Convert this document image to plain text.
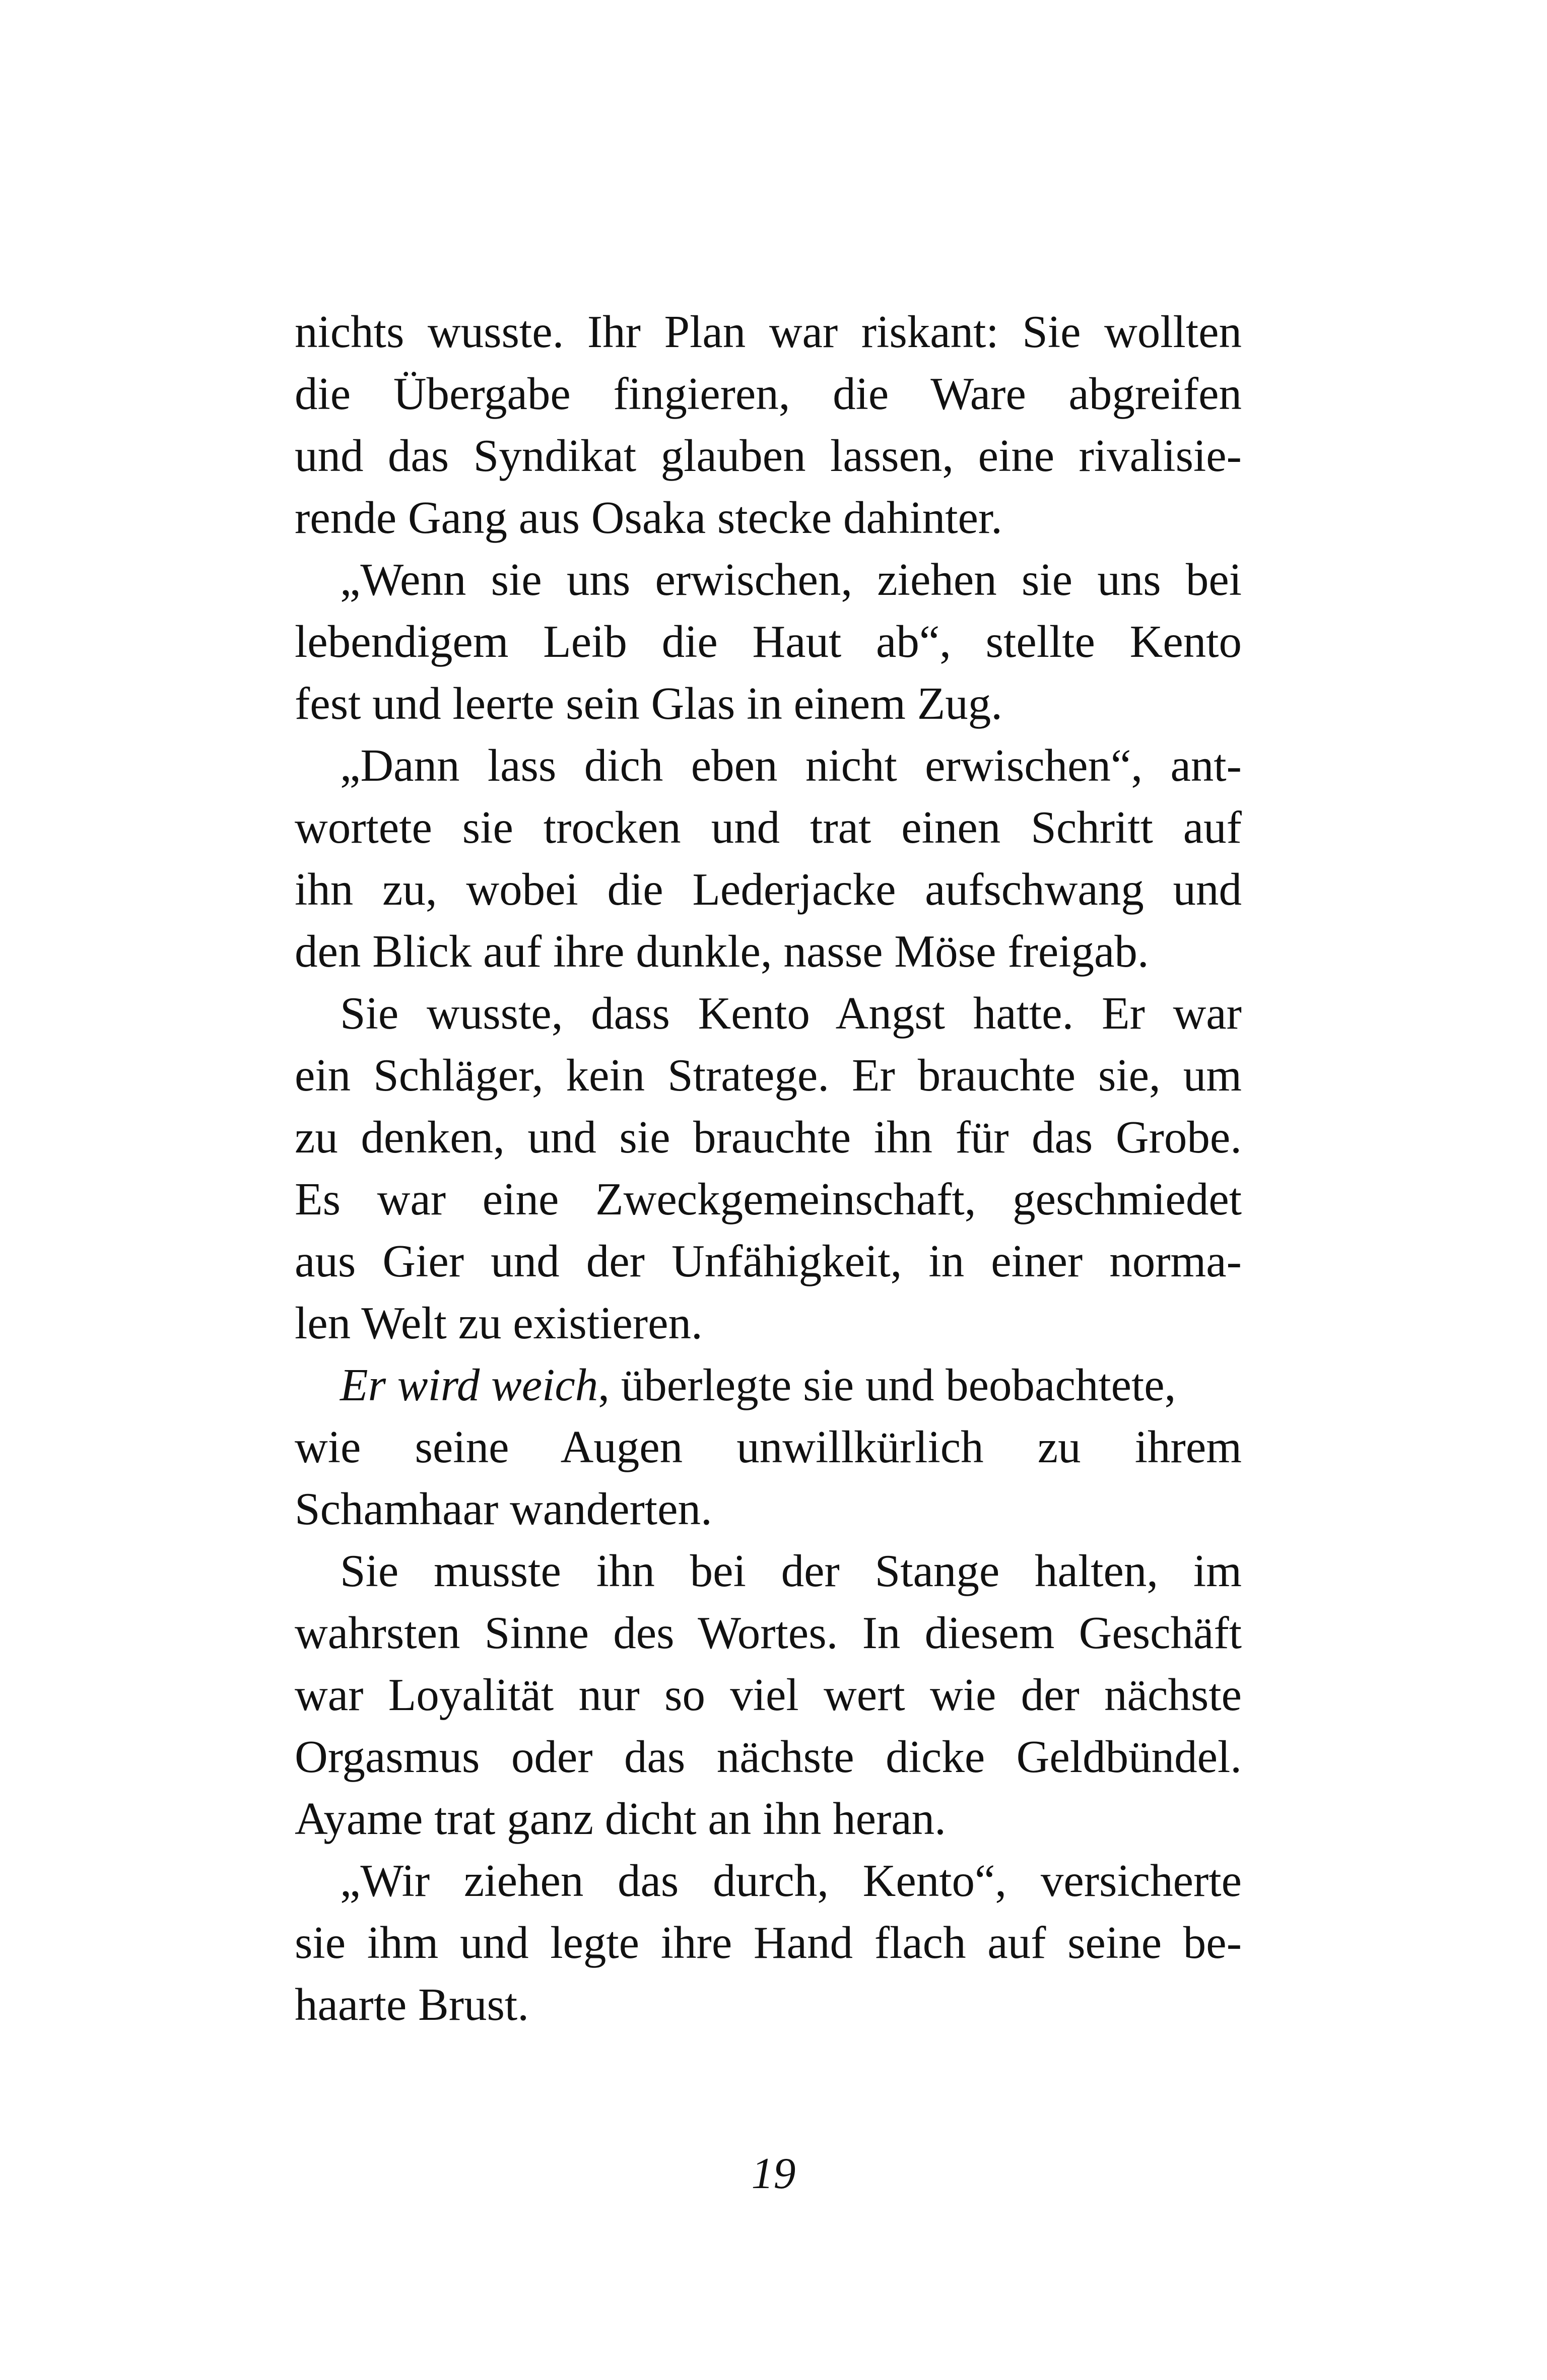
nichts wusste. Ihr Plan war riskant: Sie wollten
die Übergabe fingieren, die Ware abgreifen
und das Syndikat glauben lassen, eine rivalisie-
rende Gang aus Osaka stecke dahinter.
„Wenn sie uns erwischen, ziehen sie uns bei
lebendigem Leib die Haut ab“, stellte Kento
fest und leerte sein Glas in einem Zug.
„Dann lass dich eben nicht erwischen“, ant-
wortete sie trocken und trat einen Schritt auf
ihn zu, wobei die Lederjacke aufschwang und
den Blick auf ihre dunkle, nasse Möse freigab.
Sie wusste, dass Kento Angst hatte. Er war
ein Schläger, kein Stratege. Er brauchte sie, um
zu denken, und sie brauchte ihn für das Grobe.
Es war eine Zweckgemeinschaft, geschmiedet
aus Gier und der Unfähigkeit, in einer norma-
len Welt zu existieren.
Er wird weich, überlegte sie und beobachtete,
wie seine Augen unwillkürlich zu ihrem
Schamhaar wanderten.
Sie musste ihn bei der Stange halten, im
wahrsten Sinne des Wortes. In diesem Geschäft
war Loyalität nur so viel wert wie der nächste
Orgasmus oder das nächste dicke Geldbündel.
Ayame trat ganz dicht an ihn heran.
„Wir ziehen das durch, Kento“, versicherte
sie ihm und legte ihre Hand flach auf seine be-
haarte Brust.
19
